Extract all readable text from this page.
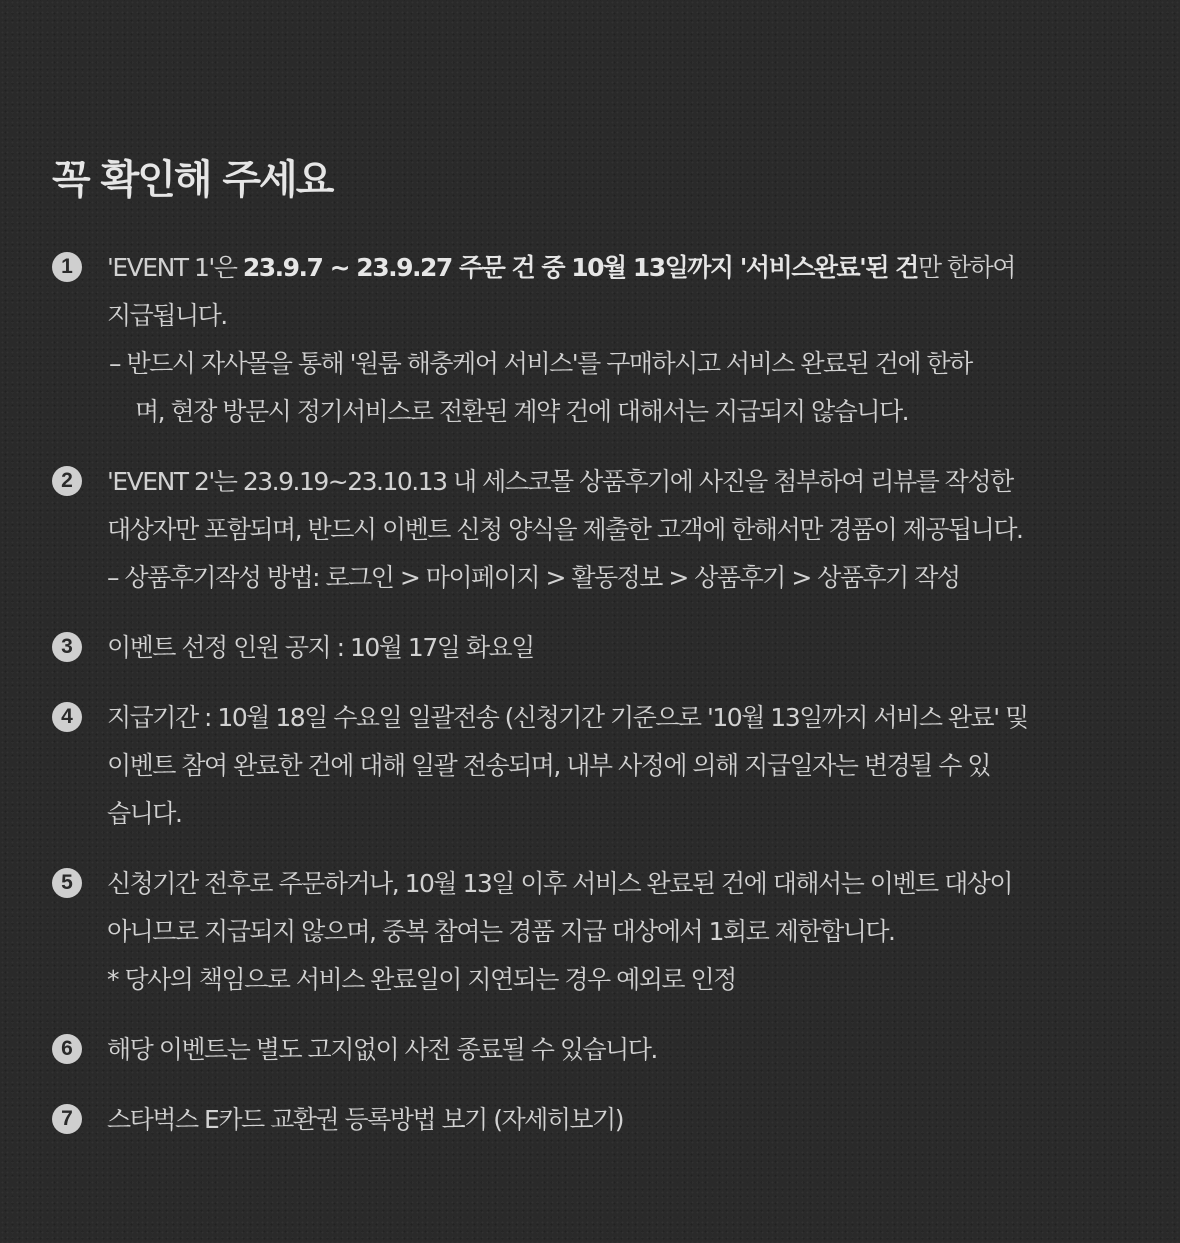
꼭 확인해 주세요
1	'EVENT 1'은 23.9.7 ~ 23.9.27 주문 건 중 10월 13일까지 '서비스완료'된 건만 한하여
지급됩니다.
– 반드시 자사몰을 통해 '원룸 해충케어 서비스'를 구매하시고 서비스 완료된 건에 한하
며, 현장 방문시 정기서비스로 전환된 계약 건에 대해서는 지급되지 않습니다.
2	'EVENT 2'는 23.9.19~23.10.13 내 세스코몰 상품후기에 사진을 첨부하여 리뷰를 작성한
대상자만 포함되며, 반드시 이벤트 신청 양식을 제출한 고객에 한해서만 경품이 제공됩니다.
– 상품후기작성 방법: 로그인 > 마이페이지 > 활동정보 > 상품후기 > 상품후기 작성
3	이벤트 선정 인원 공지 : 10월 17일 화요일
4	지급기간 : 10월 18일 수요일 일괄전송 (신청기간 기준으로 '10월 13일까지 서비스 완료' 및
이벤트 참여 완료한 건에 대해 일괄 전송되며, 내부 사정에 의해 지급일자는 변경될 수 있
습니다.
5	신청기간 전후로 주문하거나, 10월 13일 이후 서비스 완료된 건에 대해서는 이벤트 대상이
아니므로 지급되지 않으며, 중복 참여는 경품 지급 대상에서 1회로 제한합니다.
* 당사의 책임으로 서비스 완료일이 지연되는 경우 예외로 인정
6	해당 이벤트는 별도 고지없이 사전 종료될 수 있습니다.
7	스타벅스 E카드 교환권 등록방법 보기 (자세히보기)
